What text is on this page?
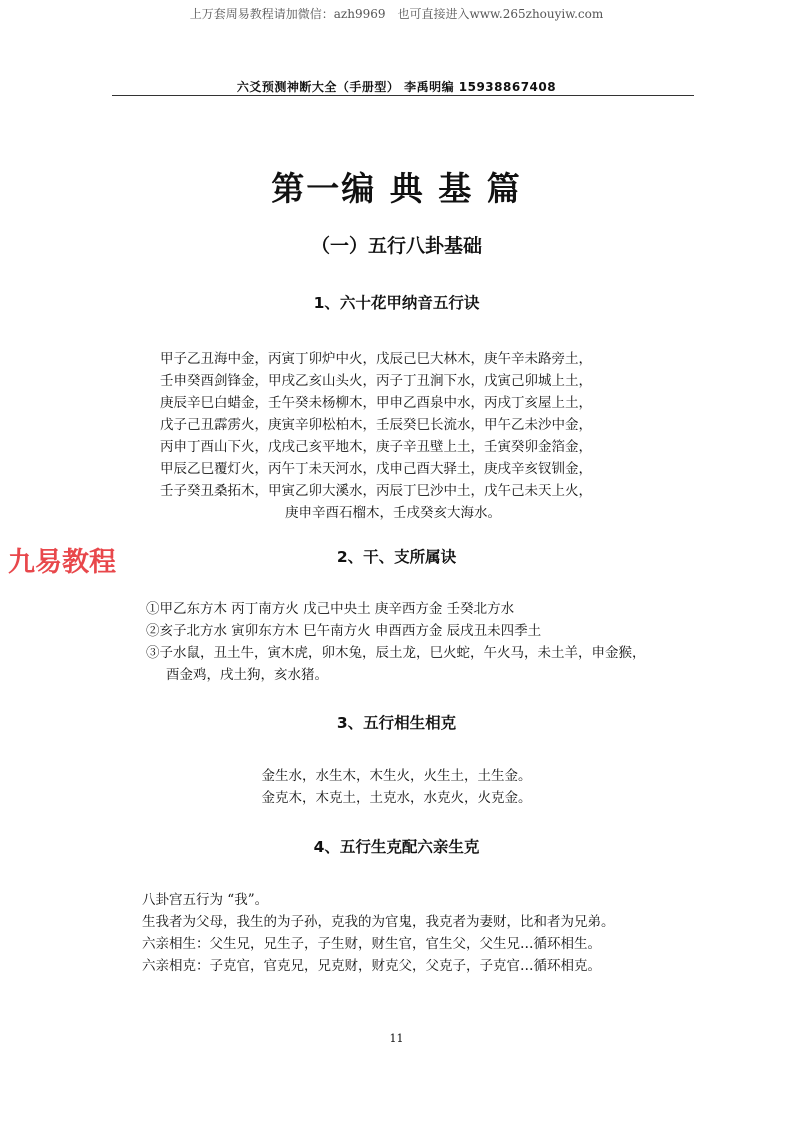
上万套周易教程请加微信：azh9969　也可直接进入www.265zhouyiw.com
六爻预测神断大全（手册型） 李禹明编 15938867408
第一编 典 基 篇
（一）五行八卦基础
1、六十花甲纳音五行诀
甲子乙丑海中金，丙寅丁卯炉中火，戊辰己巳大林木，庚午辛未路旁土，
壬申癸酉剑锋金，甲戌乙亥山头火，丙子丁丑涧下水，戊寅己卯城上土，
庚辰辛巳白蜡金，壬午癸未杨柳木，甲申乙酉泉中水，丙戌丁亥屋上土，
戊子己丑霹雳火，庚寅辛卯松柏木，壬辰癸巳长流水，甲午乙未沙中金，
丙申丁酉山下火，戊戌己亥平地木，庚子辛丑壁上土，壬寅癸卯金箔金，
甲辰乙巳覆灯火，丙午丁未天河水，戊申己酉大驿土，庚戌辛亥钗钏金，
壬子癸丑桑拓木，甲寅乙卯大溪水，丙辰丁巳沙中土，戊午己未天上火，
庚申辛酉石榴木，壬戌癸亥大海水。
九易教程	2、干、支所属诀
①甲乙东方木 丙丁南方火 戊己中央土 庚辛西方金 壬癸北方水
②亥子北方水 寅卯东方木 巳午南方火 申酉西方金 辰戌丑未四季土
③子水鼠，丑土牛，寅木虎，卯木兔，辰土龙，巳火蛇，午火马，未土羊，申金猴，
酉金鸡，戌土狗，亥水猪。
3、五行相生相克
金生水，水生木，木生火，火生土，土生金。
金克木，木克土，土克水，水克火，火克金。
4、五行生克配六亲生克
八卦宫五行为 “我”。
生我者为父母，我生的为子孙，克我的为官鬼，我克者为妻财，比和者为兄弟。
六亲相生：父生兄，兄生子，子生财，财生官，官生父，父生兄…循环相生。
六亲相克：子克官，官克兄，兄克财，财克父，父克子，子克官…循环相克。
11
